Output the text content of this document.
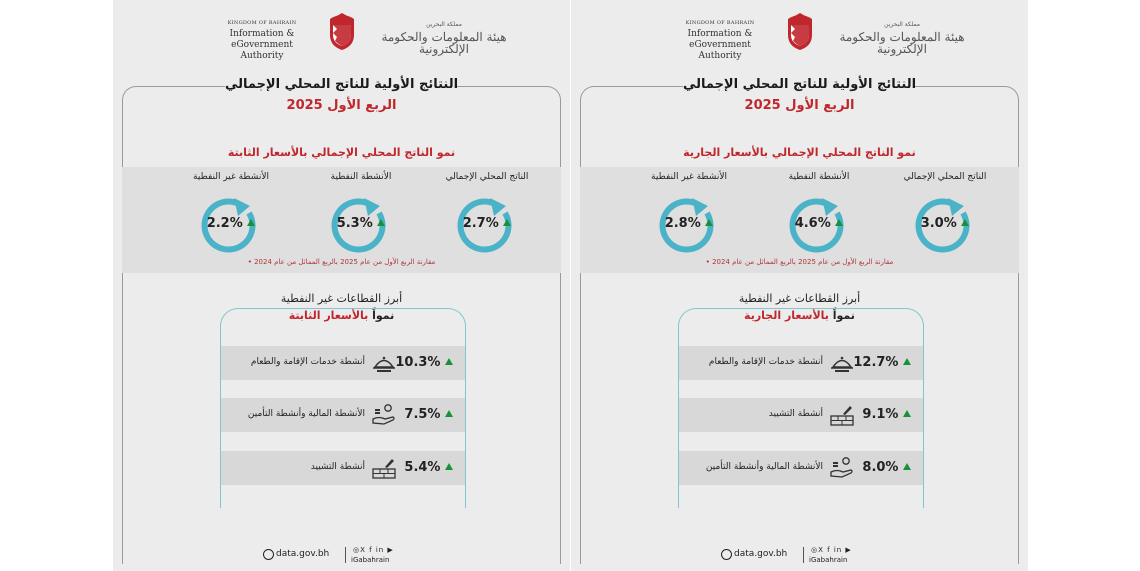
KINGDOM OF BAHRAIN
Information & eGovernment
Authority
مملكة البحرين
هيئة المعلومات والحكومة الإلكترونية
النتائج الأولية للناتج المحلي الإجمالي
الربع الأول 2025
نمو الناتج المحلي الإجمالي بالأسعار الثابتة
الناتج المحلي الإجمالي
2.7%
الأنشطة النفطية
5.3%
الأنشطة غير النفطية
2.2%
مقارنة الربع الأول من عام 2025 بالربع المماثل من عام 2024 •
أبرز القطاعات غير النفطية
نمواً بالأسعار الثابتة
10.3%
أنشطة خدمات الإقامة والطعام
7.5%
الأنشطة المالية وأنشطة التأمين
5.4%
أنشطة التشييد
data.gov.bh	◎X f in ▶
iGabahrain
KINGDOM OF BAHRAIN
Information & eGovernment
Authority
مملكة البحرين
هيئة المعلومات والحكومة الإلكترونية
النتائج الأولية للناتج المحلي الإجمالي
الربع الأول 2025
نمو الناتج المحلي الإجمالي بالأسعار الجارية
الناتج المحلي الإجمالي
3.0%
الأنشطة النفطية
4.6%
الأنشطة غير النفطية
2.8%
مقارنة الربع الأول من عام 2025 بالربع المماثل من عام 2024 •
أبرز القطاعات غير النفطية
نمواً بالأسعار الجارية
12.7%
أنشطة خدمات الإقامة والطعام
9.1%
أنشطة التشييد
8.0%
الأنشطة المالية وأنشطة التأمين
data.gov.bh	◎X f in ▶
iGabahrain
